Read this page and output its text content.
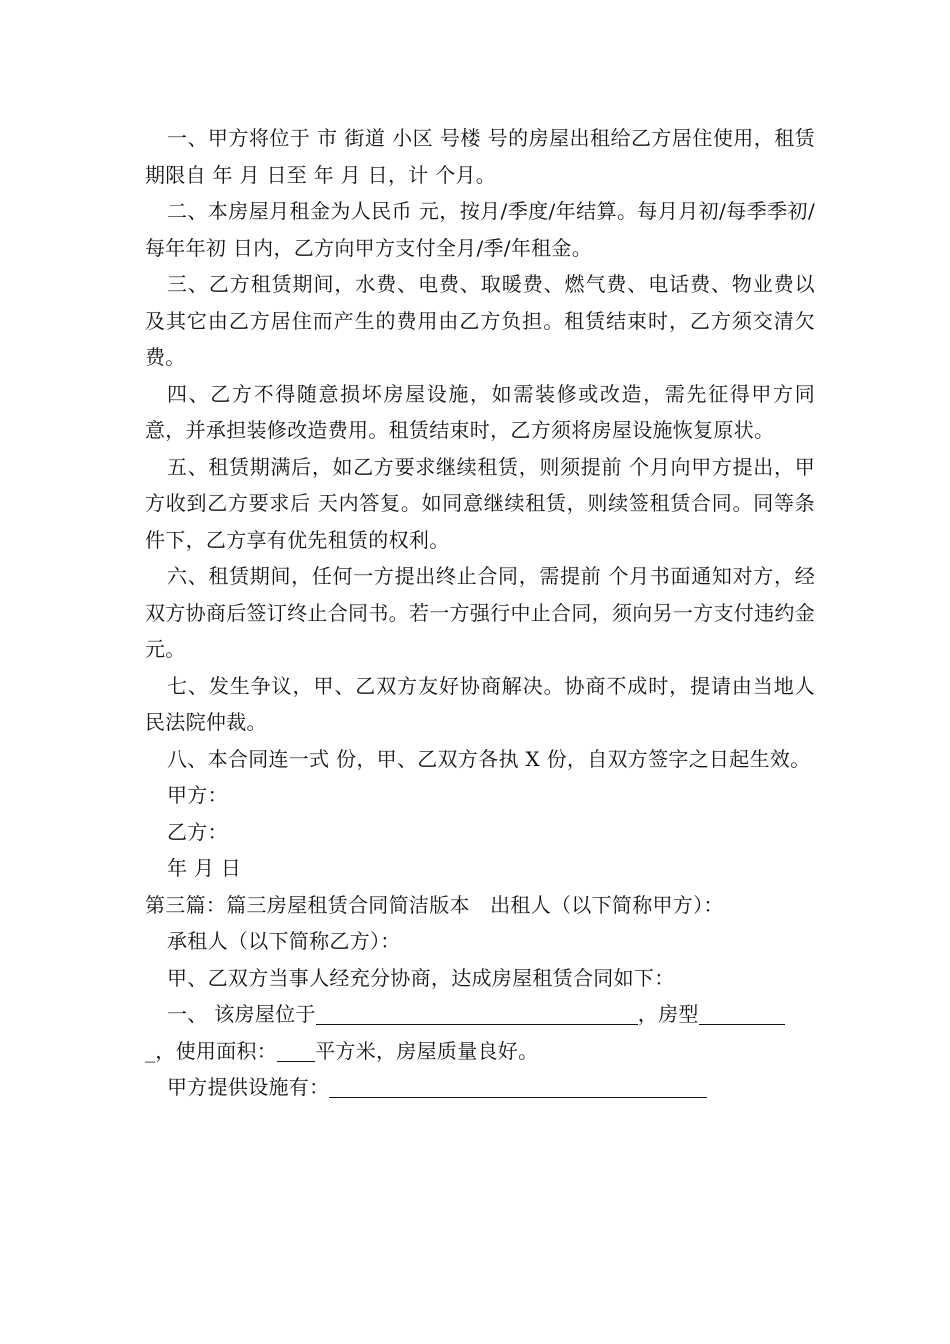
一、甲方将位于 市 街道 小区 号楼 号的房屋出租给乙方居住使用，租赁期限自 年 月 日至 年 月 日，计 个月。

二、本房屋月租金为人民币 元，按月/季度/年结算。每月月初/每季季初/每年年初 日内，乙方向甲方支付全月/季/年租金。

三、乙方租赁期间，水费、电费、取暖费、燃气费、电话费、物业费以及其它由乙方居住而产生的费用由乙方负担。租赁结束时，乙方须交清欠费。

四、乙方不得随意损坏房屋设施，如需装修或改造，需先征得甲方同意，并承担装修改造费用。租赁结束时，乙方须将房屋设施恢复原状。

五、租赁期满后，如乙方要求继续租赁，则须提前 个月向甲方提出，甲方收到乙方要求后 天内答复。如同意继续租赁，则续签租赁合同。同等条件下，乙方享有优先租赁的权利。

六、租赁期间，任何一方提出终止合同，需提前 个月书面通知对方，经双方协商后签订终止合同书。若一方强行中止合同，须向另一方支付违约金 元。

七、发生争议，甲、乙双方友好协商解决。协商不成时，提请由当地人民法院仲裁。

八、本合同连一式 份，甲、乙双方各执 X 份，自双方签字之日起生效。

甲方：

乙方：

年 月 日

第三篇：篇三房屋租赁合同简洁版本　出租人（以下简称甲方）：

承租人（以下简称乙方）：

甲、乙双方当事人经充分协商，达成房屋租赁合同如下：

一、 该房屋位于	，房型

_，使用面积： 平方米，房屋质量良好。

甲方提供设施有：
